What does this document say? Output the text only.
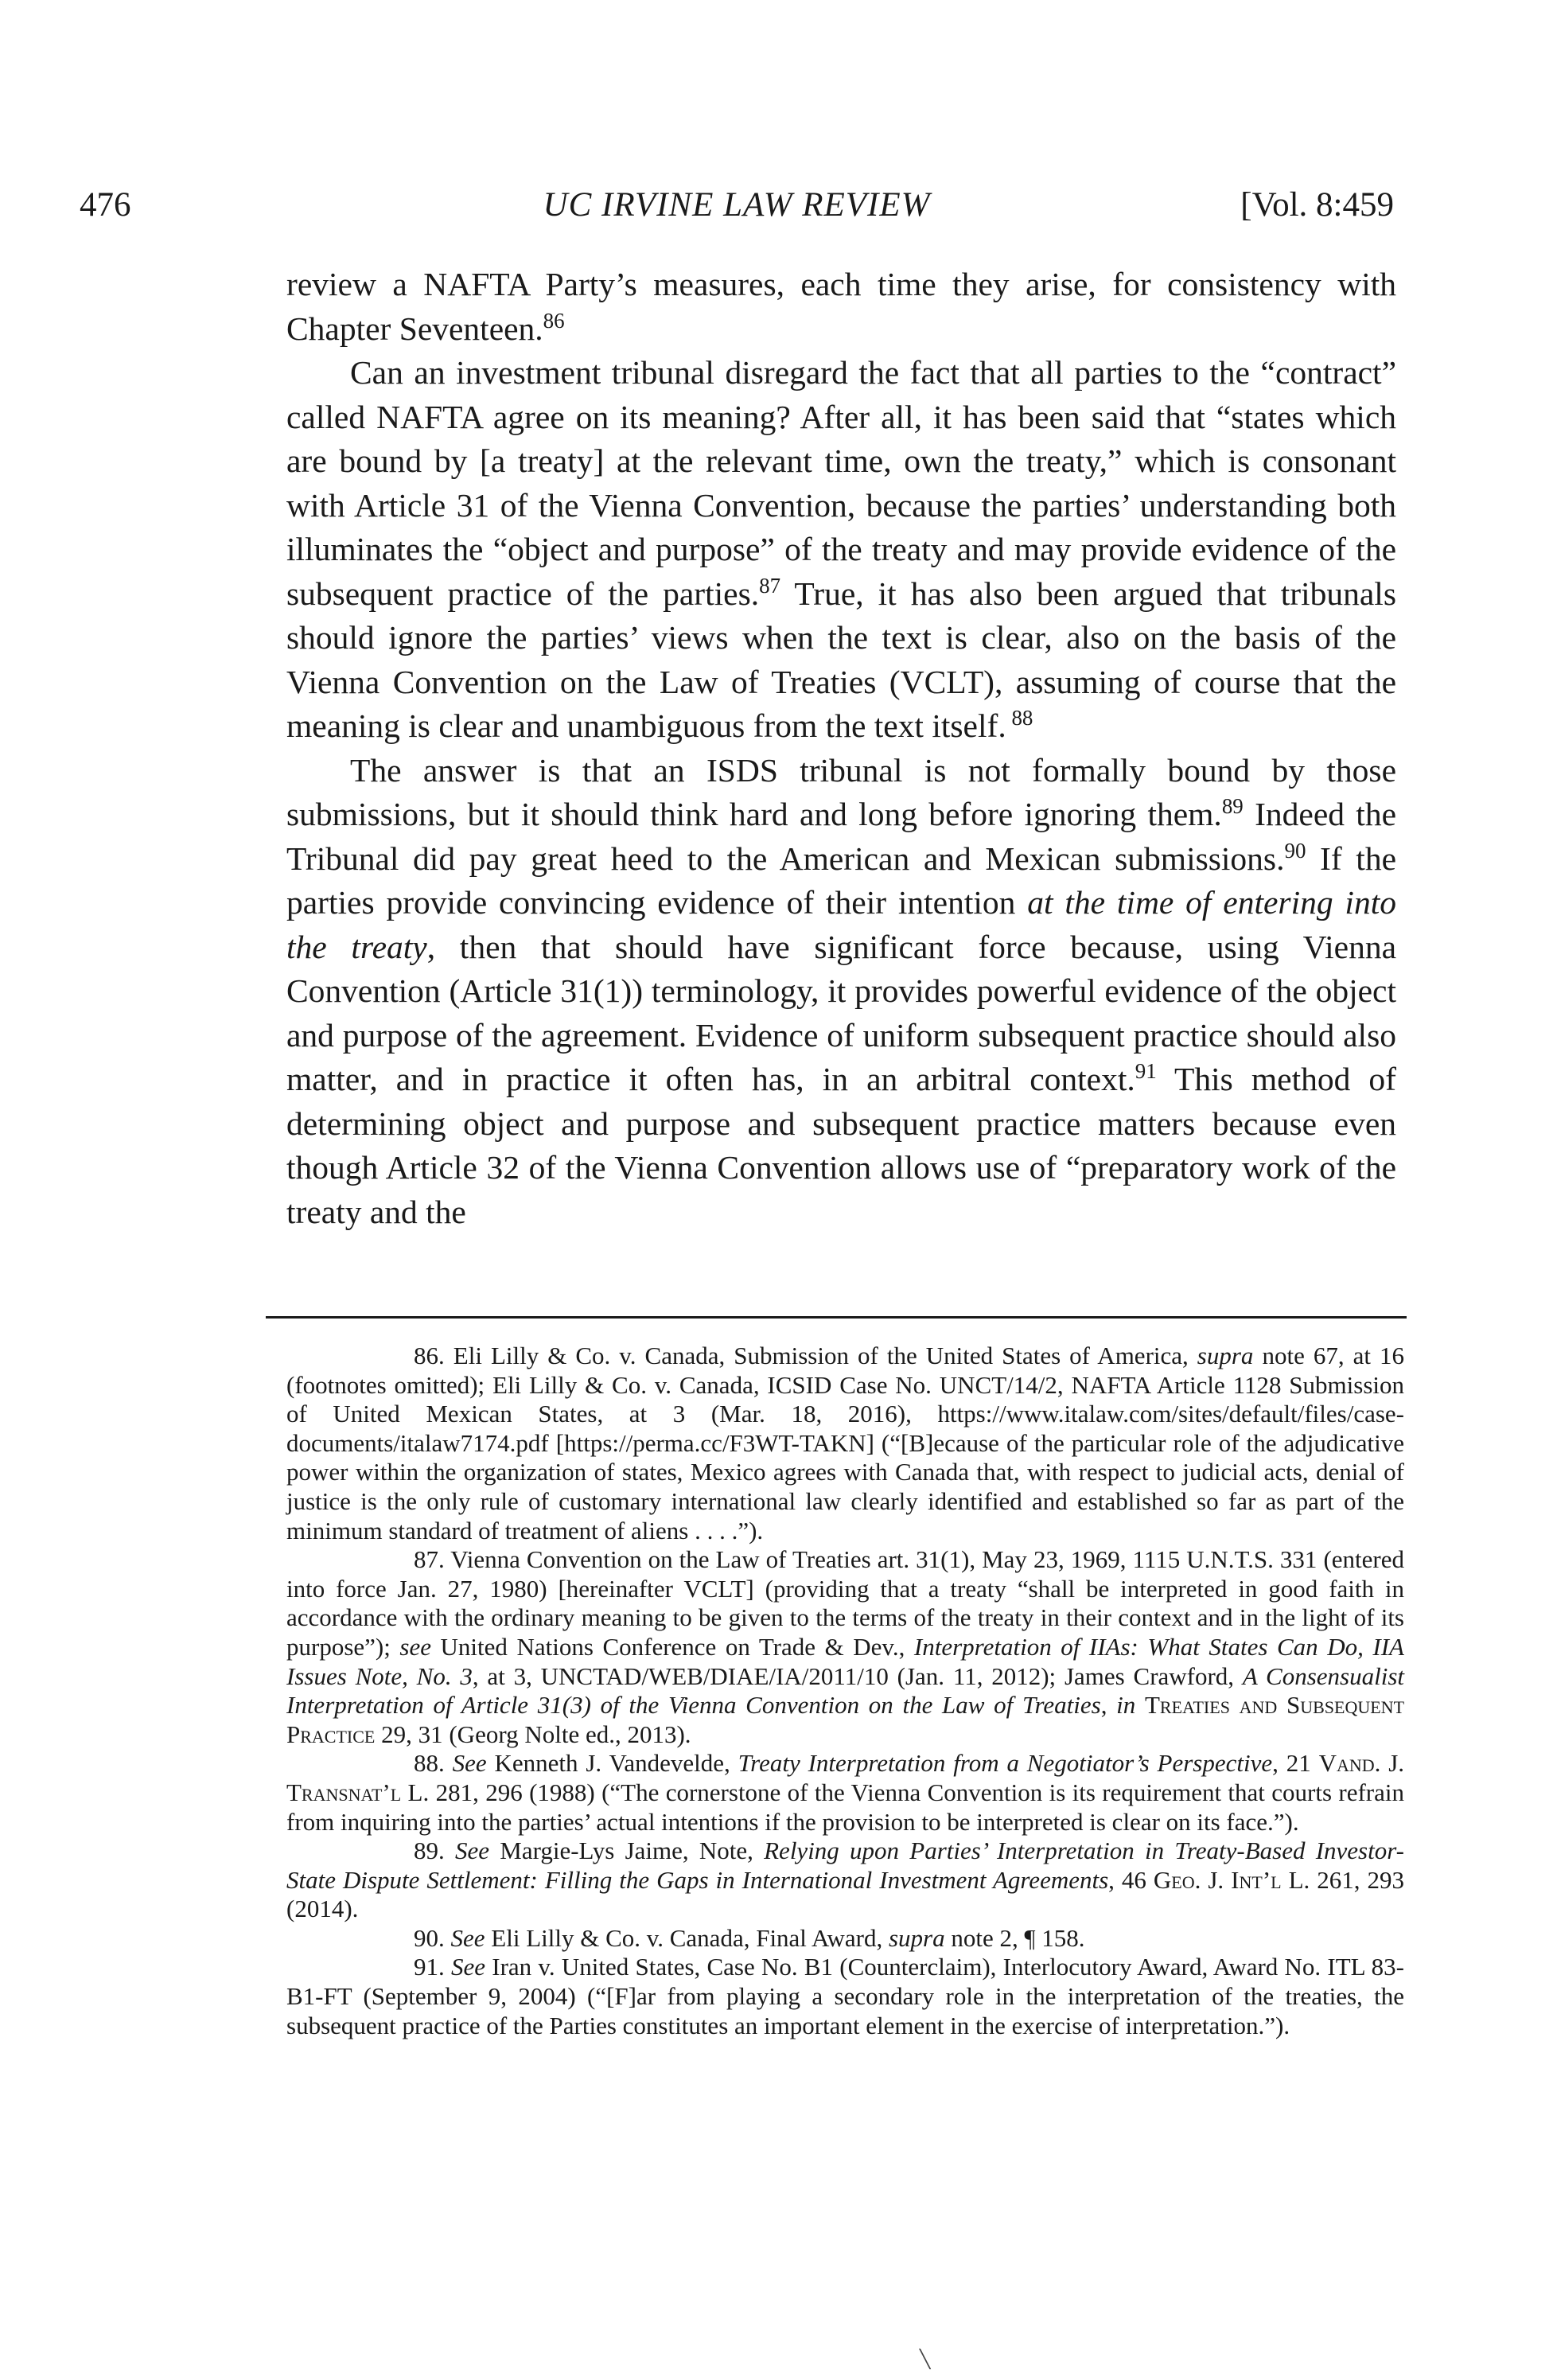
476	UC IRVINE LAW REVIEW	[Vol. 8:459

review a NAFTA Party’s measures, each time they arise, for consistency with Chapter Seventeen.$^{86}$

Can an investment tribunal disregard the fact that all parties to the “contract” called NAFTA agree on its meaning? After all, it has been said that “states which are bound by [a treaty] at the relevant time, own the treaty,” which is consonant with Article 31 of the Vienna Convention, because the parties’ understanding both illuminates the “object and purpose” of the treaty and may provide evidence of the subsequent practice of the parties.$^{87}$ True, it has also been argued that tribunals should ignore the parties’ views when the text is clear, also on the basis of the Vienna Convention on the Law of Treaties (VCLT), assuming of course that the meaning is clear and unambiguous from the text itself. $^{88}$

The answer is that an ISDS tribunal is not formally bound by those submissions, but it should think hard and long before ignoring them.$^{89}$ Indeed the Tribunal did pay great heed to the American and Mexican submissions.$^{90}$ If the parties provide convincing evidence of their intention at the time of entering into the treaty, then that should have significant force because, using Vienna Convention (Article 31(1)) terminology, it provides powerful evidence of the object and purpose of the agreement. Evidence of uniform subsequent practice should also matter, and in practice it often has, in an arbitral context.$^{91}$ This method of determining object and purpose and subsequent practice matters because even though Article 32 of the Vienna Convention allows use of “preparatory work of the treaty and the

86. Eli Lilly & Co. v. Canada, Submission of the United States of America, supra note 67, at 16 (footnotes omitted); Eli Lilly & Co. v. Canada, ICSID Case No. UNCT/14/2, NAFTA Article 1128 Submission of United Mexican States, at 3 (Mar. 18, 2016), https://www.italaw.com/sites/default/files/case-documents/italaw7174.pdf [https://perma.cc/F3WT-TAKN] (“[B]ecause of the particular role of the adjudicative power within the organization of states, Mexico agrees with Canada that, with respect to judicial acts, denial of justice is the only rule of customary international law clearly identified and established so far as part of the minimum standard of treatment of aliens . . . .”).

87. Vienna Convention on the Law of Treaties art. 31(1), May 23, 1969, 1115 U.N.T.S. 331 (entered into force Jan. 27, 1980) [hereinafter VCLT] (providing that a treaty “shall be interpreted in good faith in accordance with the ordinary meaning to be given to the terms of the treaty in their context and in the light of its purpose”); see United Nations Conference on Trade & Dev., Interpretation of IIAs: What States Can Do, IIA Issues Note, No. 3, at 3, UNCTAD/WEB/DIAE/IA/2011/10 (Jan. 11, 2012); James Crawford, A Consensualist Interpretation of Article 31(3) of the Vienna Convention on the Law of Treaties, in Treaties and Subsequent Practice 29, 31 (Georg Nolte ed., 2013).

88. See Kenneth J. Vandevelde, Treaty Interpretation from a Negotiator’s Perspective, 21 Vand. J. Transnat’l L. 281, 296 (1988) (“The cornerstone of the Vienna Convention is its requirement that courts refrain from inquiring into the parties’ actual intentions if the provision to be interpreted is clear on its face.”).

89. See Margie-Lys Jaime, Note, Relying upon Parties’ Interpretation in Treaty-Based Investor-State Dispute Settlement: Filling the Gaps in International Investment Agreements, 46 Geo. J. Int’l L. 261, 293 (2014).

90. See Eli Lilly & Co. v. Canada, Final Award, supra note 2, ¶ 158.

91. See Iran v. United States, Case No. B1 (Counterclaim), Interlocutory Award, Award No. ITL 83-B1-FT (September 9, 2004) (“[F]ar from playing a secondary role in the interpretation of the treaties, the subsequent practice of the Parties constitutes an important element in the exercise of interpretation.”).

╲
